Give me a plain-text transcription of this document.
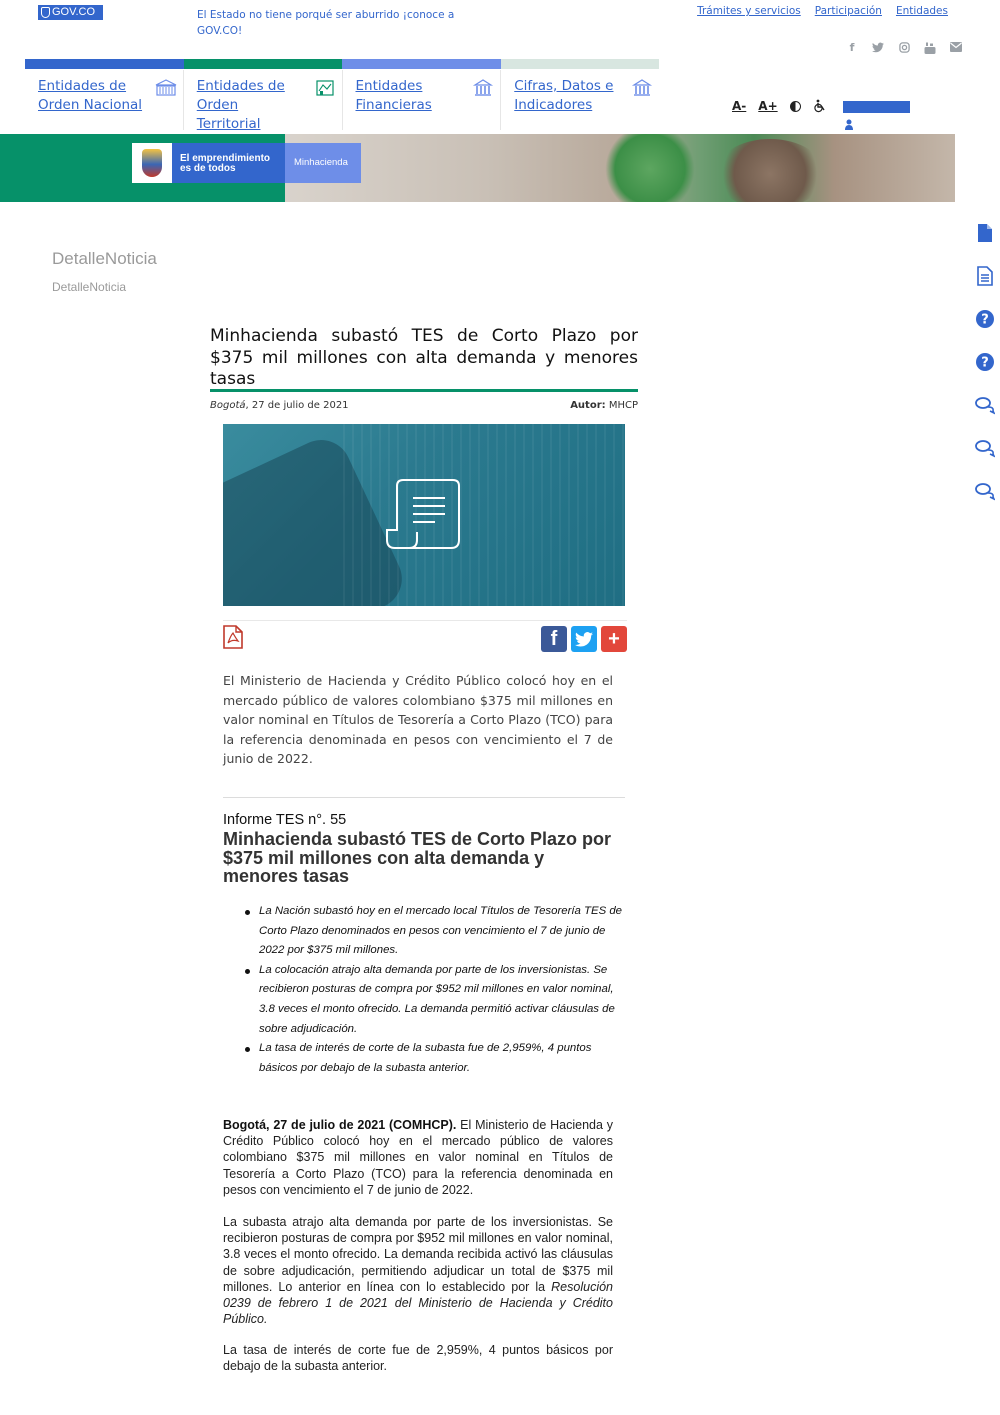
GOV.CO	El Estado no tiene porqué ser aburrido ¡conoce a GOV.CO!
Trámites y servicios Participación Entidades
f
Entidades de Orden Nacional
Entidades de Orden Territorial
Entidades Financieras
Cifras, Datos e Indicadores	A- A+
El emprendimiento
es de todos
Minhacienda
?
?
DetalleNoticia
DetalleNoticia
Minhacienda subastó TES de Corto Plazo por $375 mil millones con alta demanda y menores tasas
Bogotá, 27 de julio de 2021	Autor: MHCP
f	+

El Ministerio de Hacienda y Crédito Público colocó hoy en el mercado público de valores colombiano $375 mil millones en valor nominal en Títulos de Tesorería a Corto Plazo (TCO) para la referencia denominada en pesos con vencimiento el 7 de junio de 2022.

Informe TES n°. 55
Minhacienda subastó TES de Corto Plazo por $375 mil millones con alta demanda y menores tasas
La Nación subastó hoy en el mercado local Títulos de Tesorería TES de Corto Plazo denominados en pesos con vencimiento el 7 de junio de 2022 por $375 mil millones.
La colocación atrajo alta demanda por parte de los inversionistas. Se recibieron posturas de compra por $952 mil millones en valor nominal, 3.8 veces el monto ofrecido. La demanda permitió activar cláusulas de sobre adjudicación.
La tasa de interés de corte de la subasta fue de 2,959%, 4 puntos básicos por debajo de la subasta anterior.

Bogotá, 27 de julio de 2021 (COMHCP). El Ministerio de Hacienda y Crédito Público colocó hoy en el mercado público de valores colombiano $375 mil millones en valor nominal en Títulos de Tesorería a Corto Plazo (TCO) para la referencia denominada en pesos con vencimiento el 7 de junio de 2022.

La subasta atrajo alta demanda por parte de los inversionistas. Se recibieron posturas de compra por $952 mil millones en valor nominal, 3.8 veces el monto ofrecido. La demanda recibida activó las cláusulas de sobre adjudicación, permitiendo adjudicar un total de $375 mil millones. Lo anterior en línea con lo establecido por la Resolución 0239 de febrero 1 de 2021 del Ministerio de Hacienda y Crédito Público.

La tasa de interés de corte fue de 2,959%, 4 puntos básicos por debajo de la subasta anterior.
